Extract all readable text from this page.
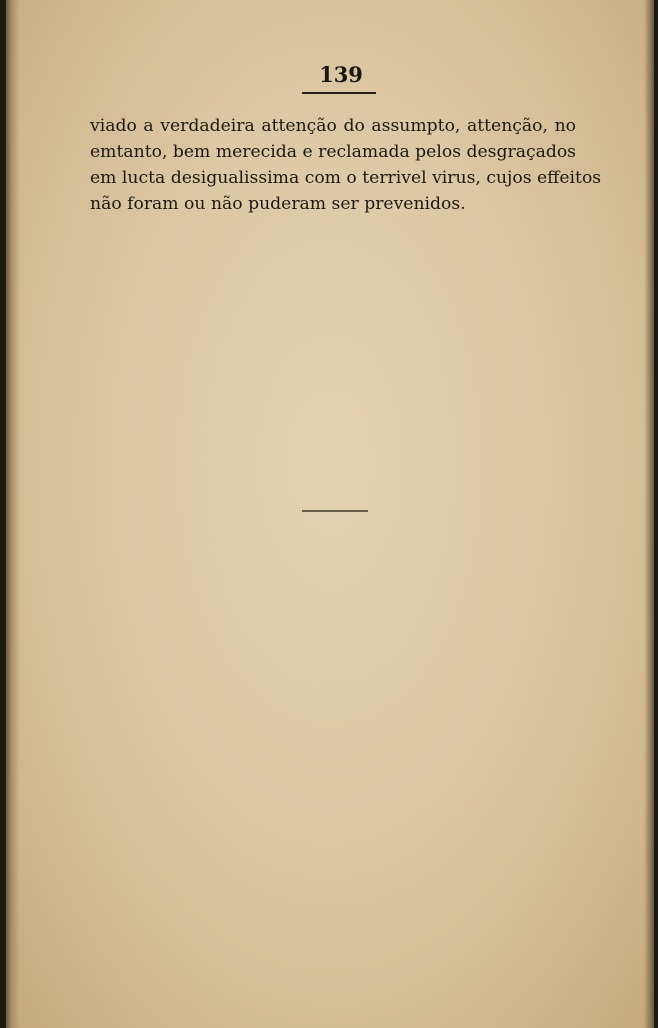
139

viado a verdadeira attenção do assumpto, attenção, no
emtanto, bem merecida e reclamada pelos desgraçados
em lucta desigualissima com o terrivel virus, cujos effeitos
não foram ou não puderam ser prevenidos.
